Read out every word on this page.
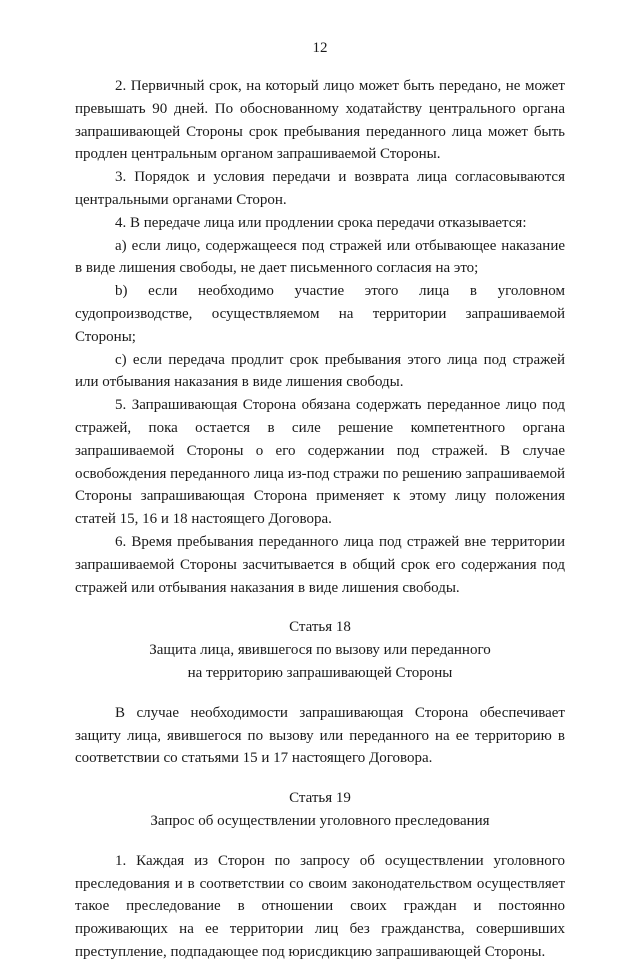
12

2. Первичный срок, на который лицо может быть передано, не может превышать 90 дней. По обоснованному ходатайству центрального органа запрашивающей Стороны срок пребывания переданного лица может быть продлен центральным органом запрашиваемой Стороны.

3. Порядок и условия передачи и возврата лица согласовываются центральными органами Сторон.

4. В передаче лица или продлении срока передачи отказывается:

а) если лицо, содержащееся под стражей или отбывающее наказание в виде лишения свободы, не дает письменного согласия на это;

b) если необходимо участие этого лица в уголовном судопроизводстве, осуществляемом на территории запрашиваемой Стороны;

c) если передача продлит срок пребывания этого лица под стражей или отбывания наказания в виде лишения свободы.

5. Запрашивающая Сторона обязана содержать переданное лицо под стражей, пока остается в силе решение компетентного органа запрашиваемой Стороны о его содержании под стражей. В случае освобождения переданного лица из-под стражи по решению запрашиваемой Стороны запрашивающая Сторона применяет к этому лицу положения статей 15, 16 и 18 настоящего Договора.

6. Время пребывания переданного лица под стражей вне территории запрашиваемой Стороны засчитывается в общий срок его содержания под стражей или отбывания наказания в виде лишения свободы.

Статья 18

Защита лица, явившегося по вызову или переданного

на территорию запрашивающей Стороны

В случае необходимости запрашивающая Сторона обеспечивает защиту лица, явившегося по вызову или переданного на ее территорию в соответствии со статьями 15 и 17 настоящего Договора.

Статья 19

Запрос об осуществлении уголовного преследования

1. Каждая из Сторон по запросу об осуществлении уголовного преследования и в соответствии со своим законодательством осуществляет такое преследование в отношении своих граждан и постоянно проживающих на ее территории лиц без гражданства, совершивших преступление, подпадающее под юрисдикцию запрашивающей Стороны.
